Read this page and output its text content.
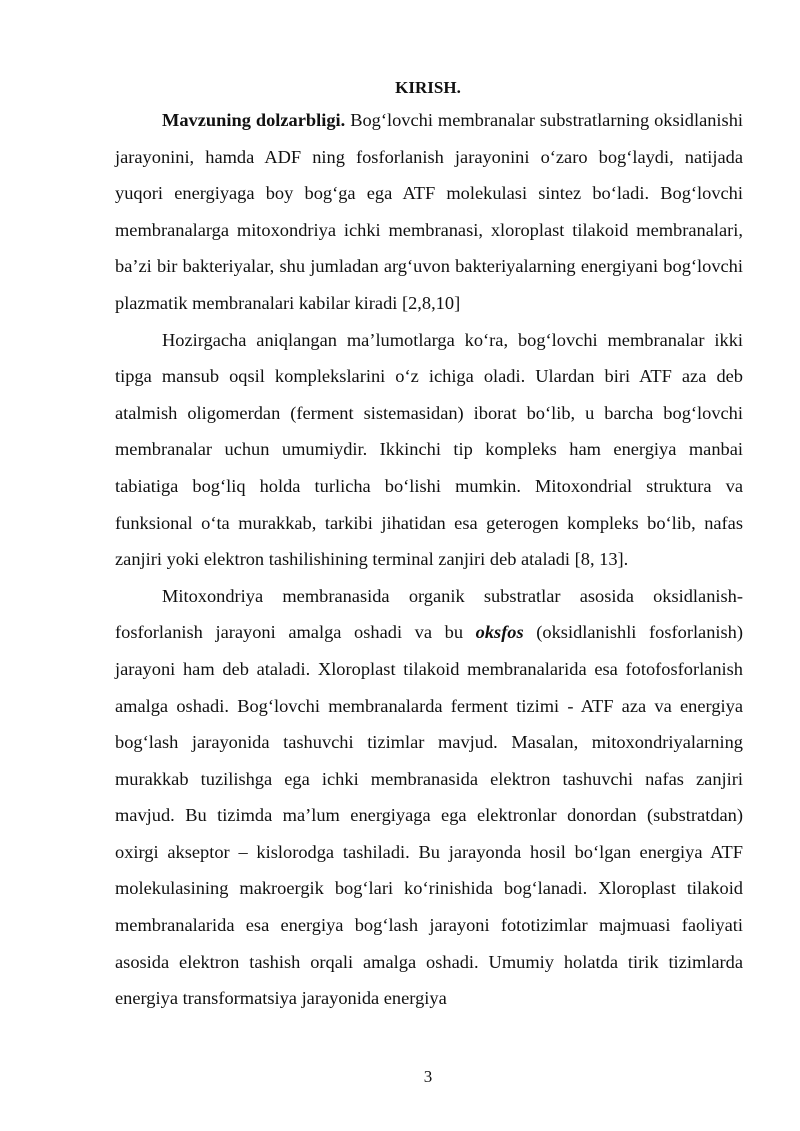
KIRISH.

Mavzuning dolzarbligi. Bog‘lovchi membranalar substratlarning oksidlanishi jarayonini, hamda ADF ning fosforlanish jarayonini o‘zaro bog‘laydi, natijada yuqori energiyaga boy bog‘ga ega ATF molekulasi sintez bo‘ladi. Bog‘lovchi membranalarga mitoxondriya ichki membranasi, xloroplast tilakoid membranalari, ba’zi bir bakteriyalar, shu jumladan arg‘uvon bakteriyalarning energiyani bog‘lovchi plazmatik membranalari kabilar kiradi [2,8,10]

Hozirgacha aniqlangan ma’lumotlarga ko‘ra, bog‘lovchi membranalar ikki tipga mansub oqsil komplekslarini o‘z ichiga oladi. Ulardan biri ATF aza deb atalmish oligomerdan (ferment sistemasidan) iborat bo‘lib, u barcha bog‘lovchi membranalar uchun umumiydir. Ikkinchi tip kompleks ham energiya manbai tabiatiga bog‘liq holda turlicha bo‘lishi mumkin. Mitoxondrial struktura va funksional o‘ta murakkab, tarkibi jihatidan esa geterogen kompleks bo‘lib, nafas zanjiri yoki elektron tashilishining terminal zanjiri deb ataladi [8, 13].

Mitoxondriya membranasida organik substratlar asosida oksidlanish-fosforlanish jarayoni amalga oshadi va bu oksfos (oksidlanishli fosforlanish) jarayoni ham deb ataladi. Xloroplast tilakoid membranalarida esa fotofosforlanish amalga oshadi. Bog‘lovchi membranalarda ferment tizimi - ATF aza va energiya bog‘lash jarayonida tashuvchi tizimlar mavjud. Masalan, mitoxondriyalarning murakkab tuzilishga ega ichki membranasida elektron tashuvchi nafas zanjiri mavjud. Bu tizimda ma’lum energiyaga ega elektronlar donordan (substratdan) oxirgi akseptor – kislorodga tashiladi. Bu jarayonda hosil bo‘lgan energiya ATF molekulasining makroergik bog‘lari ko‘rinishida bog‘lanadi. Xloroplast tilakoid membranalarida esa energiya bog‘lash jarayoni fototizimlar majmuasi faoliyati asosida elektron tashish orqali amalga oshadi. Umumiy holatda tirik tizimlarda energiya transformatsiya jarayonida energiya

3
